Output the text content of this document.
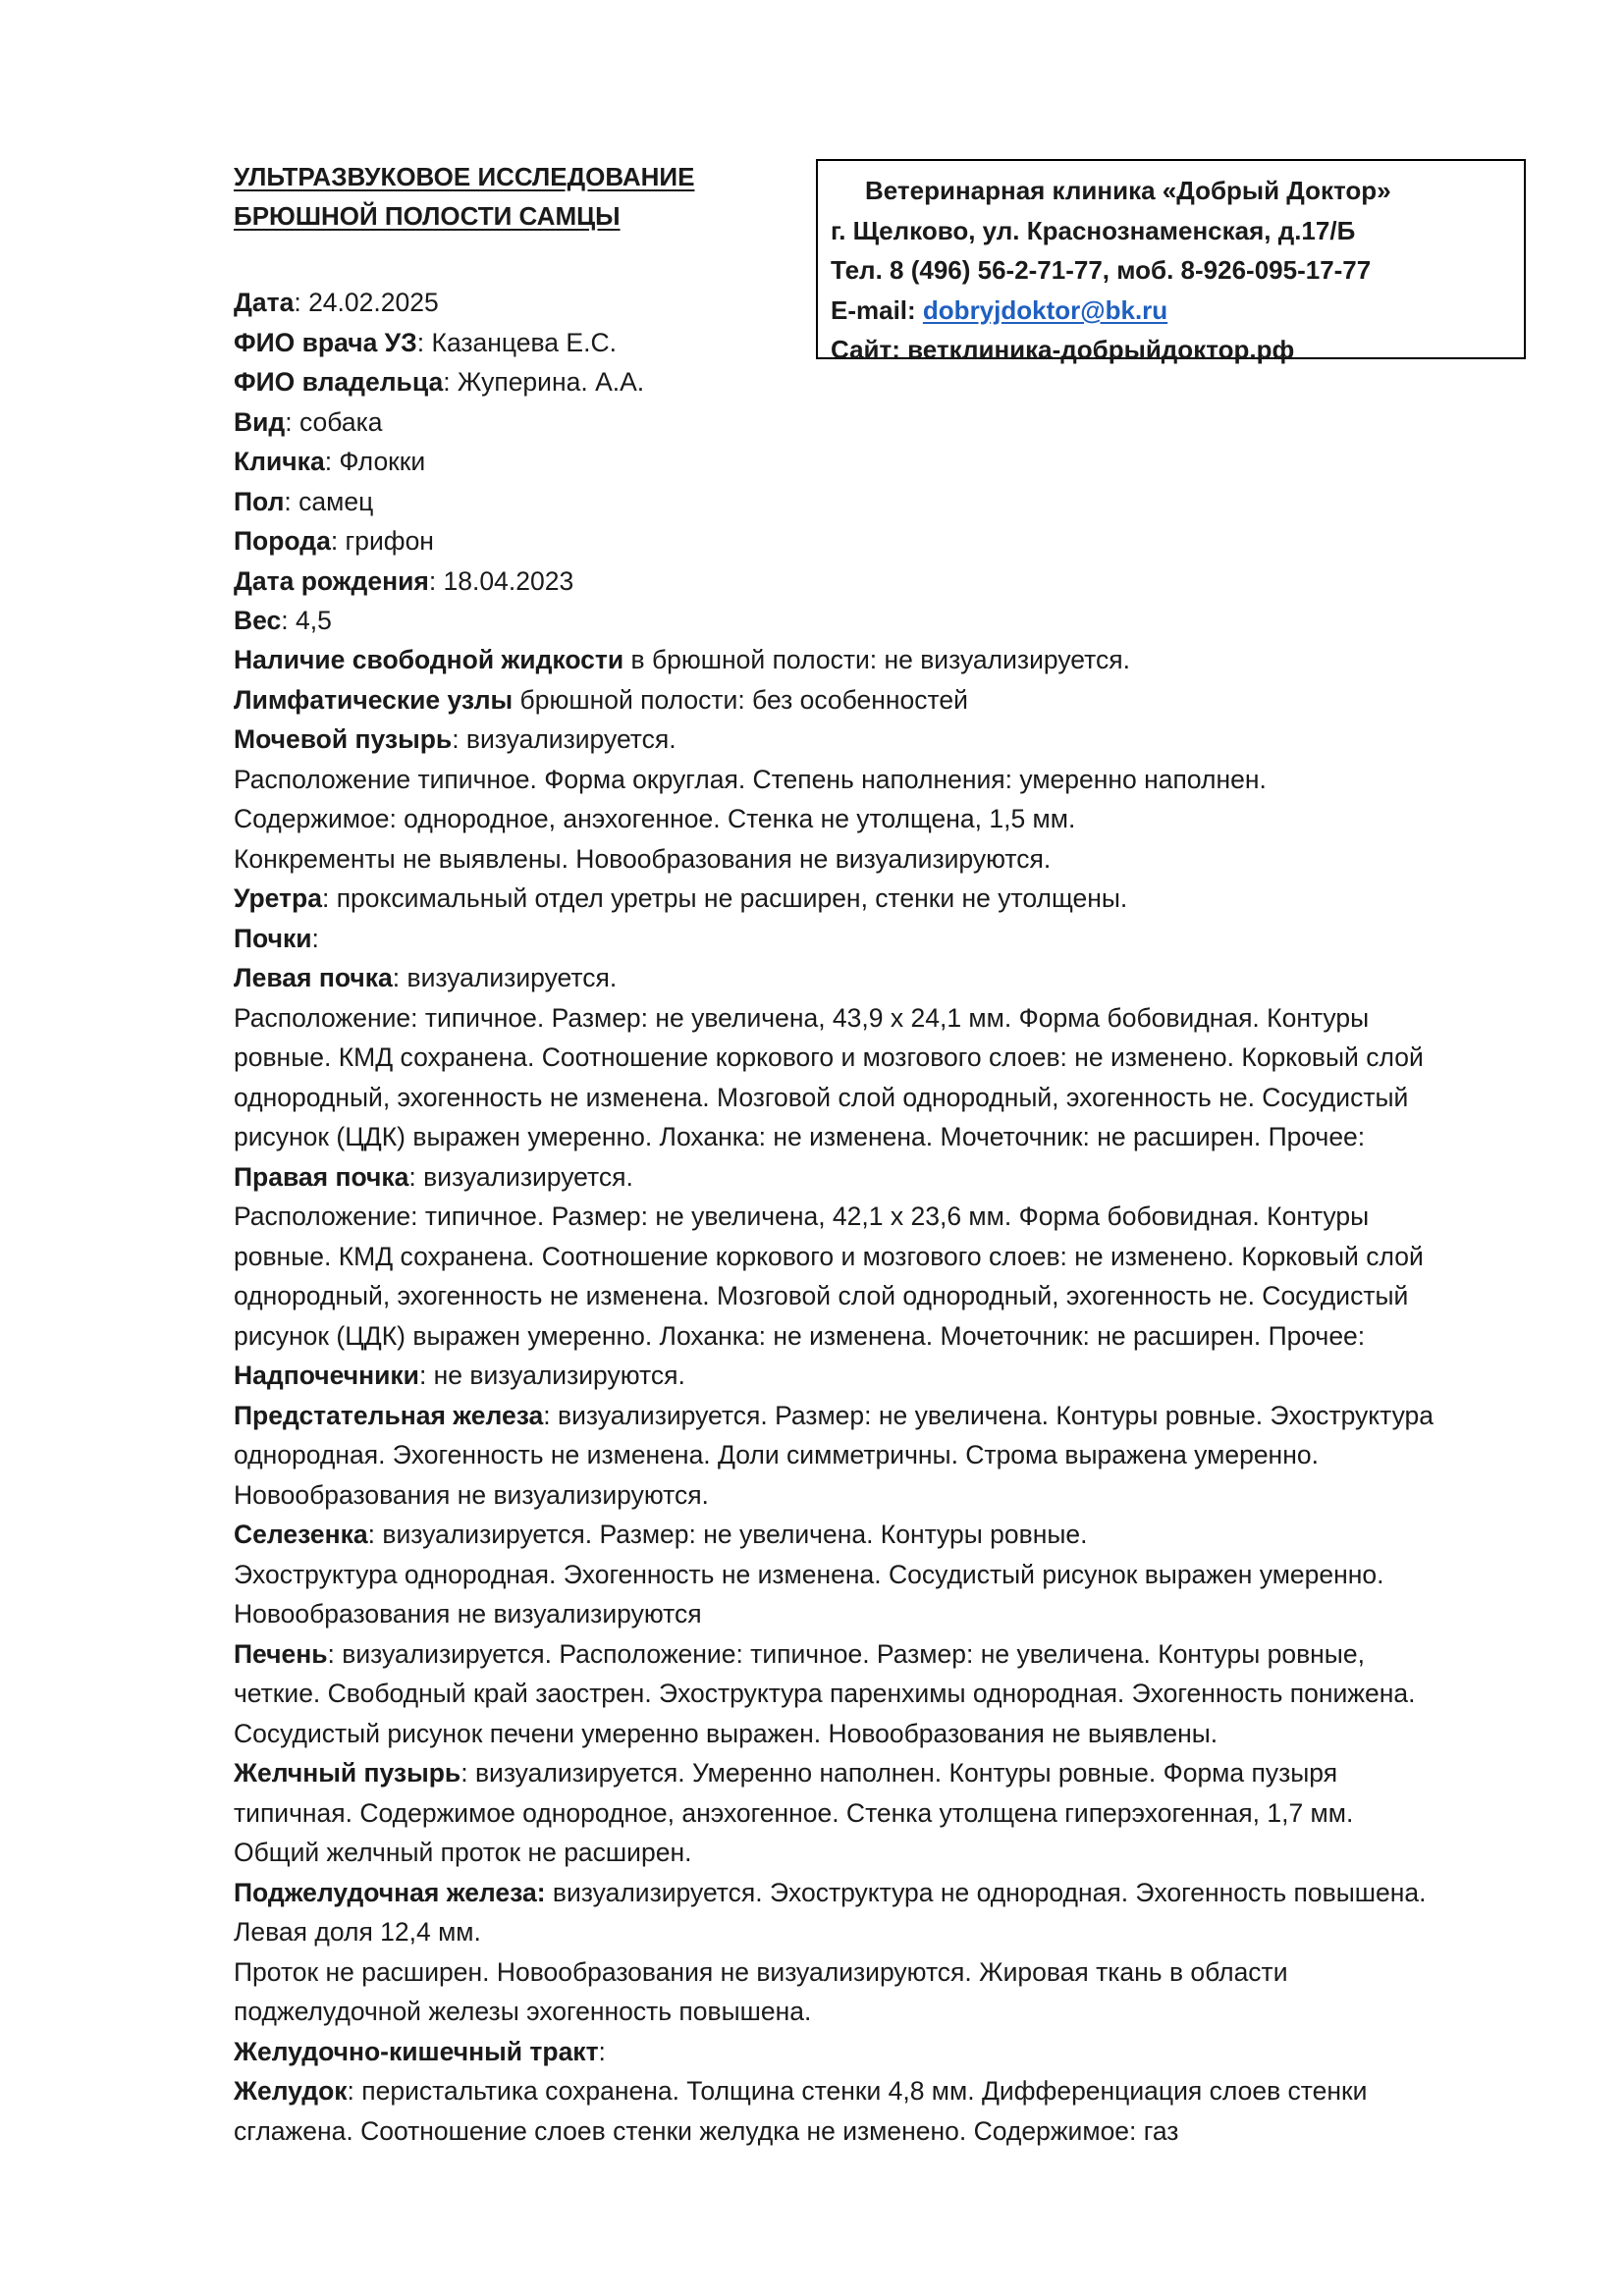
УЛЬТРАЗВУКОВОЕ ИССЛЕДОВАНИЕ
БРЮШНОЙ ПОЛОСТИ САМЦЫ
Ветеринарная клиника «Добрый Доктор»
г. Щелково, ул. Краснознаменская, д.17/Б
Тел. 8 (496) 56-2-71-77, моб. 8-926-095-17-77
E-mail: dobryjdoktor@bk.ru
Сайт: ветклиника-добрыйдоктор.рф
Дата: 24.02.2025
ФИО врача УЗ: Казанцева Е.С.
ФИО владельца: Жуперина. А.А.
Вид: собака
Кличка: Флокки
Пол: самец
Порода: грифон
Дата рождения: 18.04.2023
Вес: 4,5
Наличие свободной жидкости в брюшной полости: не визуализируется.
Лимфатические узлы брюшной полости: без особенностей
Мочевой пузырь: визуализируется.
Расположение типичное. Форма округлая. Степень наполнения: умеренно наполнен.
Содержимое: однородное, анэхогенное. Стенка не утолщена, 1,5 мм.
Конкременты не выявлены. Новообразования не визуализируются.
Уретра: проксимальный отдел уретры не расширен, стенки не утолщены.
Почки:
Левая почка: визуализируется.
Расположение: типичное. Размер: не увеличена, 43,9 х 24,1 мм. Форма бобовидная. Контуры
ровные. КМД сохранена. Соотношение коркового и мозгового слоев: не изменено. Корковый слой
однородный, эхогенность не изменена. Мозговой слой однородный, эхогенность не. Сосудистый
рисунок (ЦДК) выражен умеренно. Лоханка: не изменена. Мочеточник: не расширен. Прочее:
Правая почка: визуализируется.
Расположение: типичное. Размер: не увеличена, 42,1 х 23,6 мм. Форма бобовидная. Контуры
ровные. КМД сохранена. Соотношение коркового и мозгового слоев: не изменено. Корковый слой
однородный, эхогенность не изменена. Мозговой слой однородный, эхогенность не. Сосудистый
рисунок (ЦДК) выражен умеренно. Лоханка: не изменена. Мочеточник: не расширен. Прочее:
Надпочечники: не визуализируются.
Предстательная железа: визуализируется. Размер: не увеличена. Контуры ровные. Эхоструктура
однородная. Эхогенность не изменена. Доли симметричны. Строма выражена умеренно.
Новообразования не визуализируются.
Селезенка: визуализируется. Размер: не увеличена. Контуры ровные.
Эхоструктура однородная. Эхогенность не изменена. Сосудистый рисунок выражен умеренно.
Новообразования не визуализируются
Печень: визуализируется. Расположение: типичное. Размер: не увеличена. Контуры ровные,
четкие. Свободный край заострен. Эхоструктура паренхимы однородная. Эхогенность понижена.
Сосудистый рисунок печени умеренно выражен. Новообразования не выявлены.
Желчный пузырь: визуализируется. Умеренно наполнен. Контуры ровные. Форма пузыря
типичная. Содержимое однородное, анэхогенное. Стенка утолщена гиперэхогенная, 1,7 мм.
Общий желчный проток не расширен.
Поджелудочная железа: визуализируется. Эхоструктура не однородная. Эхогенность повышена.
Левая доля 12,4 мм.
Проток не расширен. Новообразования не визуализируются. Жировая ткань в области
поджелудочной железы эхогенность повышена.
Желудочно-кишечный тракт:
Желудок: перистальтика сохранена. Толщина стенки 4,8 мм. Дифференциация слоев стенки
сглажена. Соотношение слоев стенки желудка не изменено. Содержимое: газ
